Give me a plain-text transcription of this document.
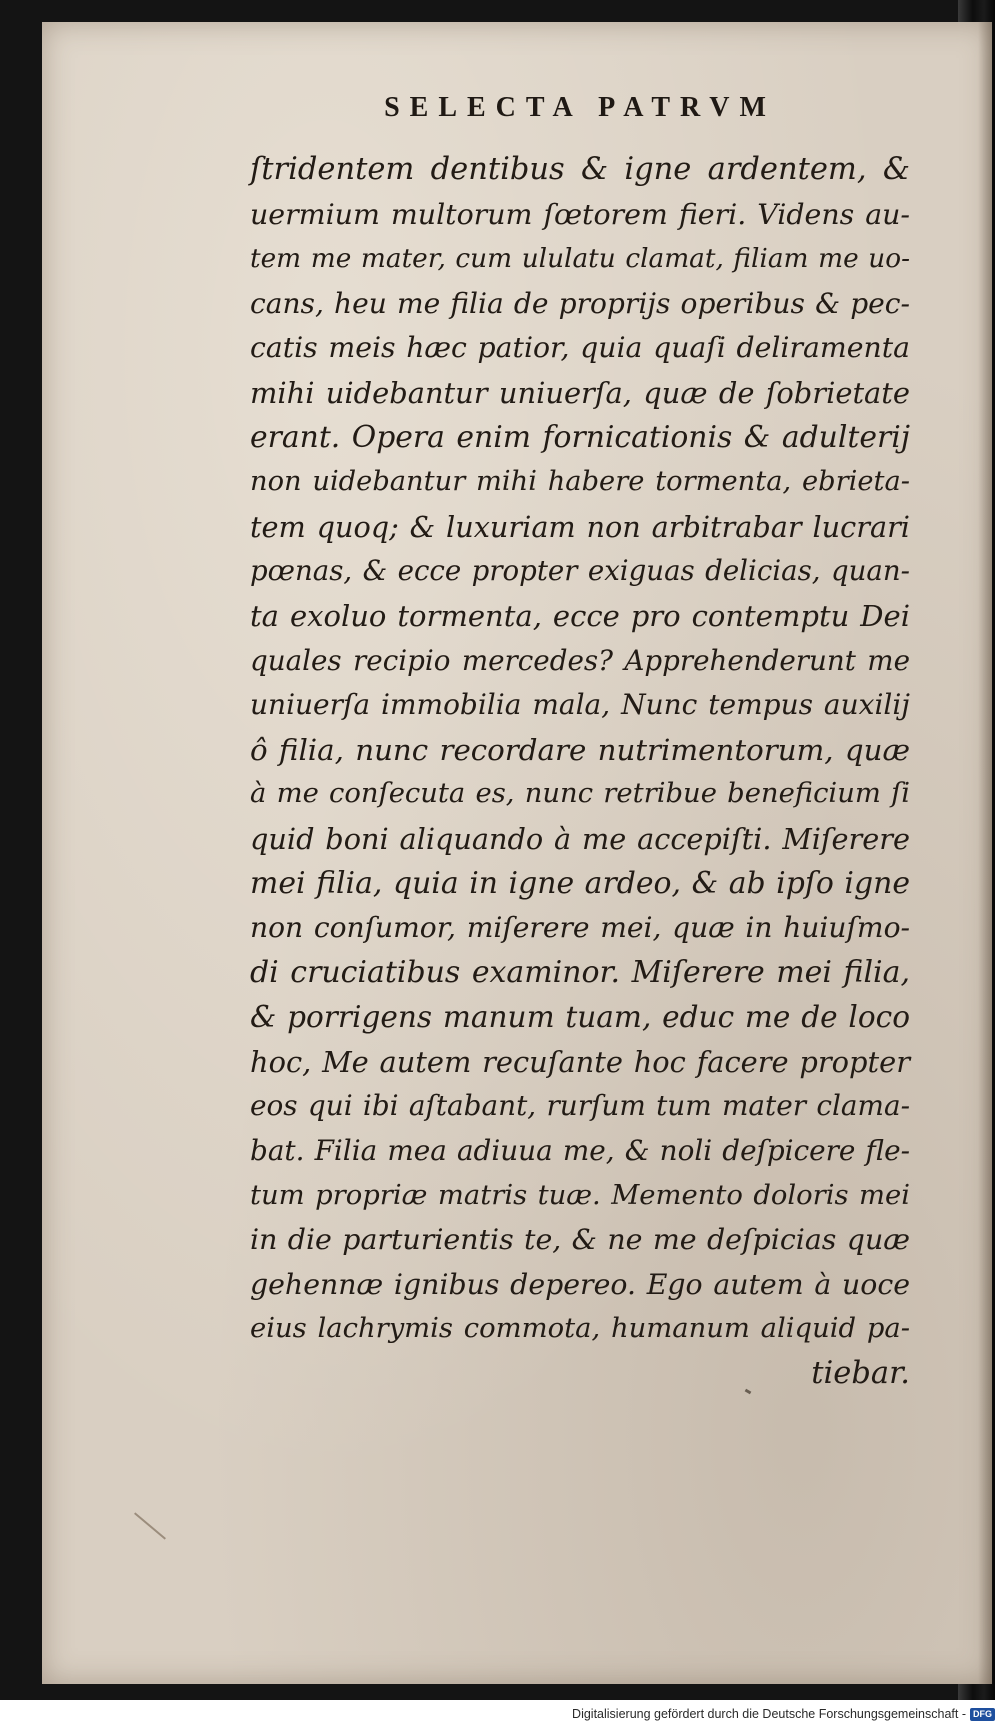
SELECTA PATRVM
ſtridentem dentibus & igne ardentem, &
uermium multorum ſœtorem fieri. Videns au-
tem me mater, cum ululatu clamat, filiam me uo-
cans, heu me filia de proprijs operibus & pec-
catis meis hæc patior, quia quaſi deliramenta
mihi uidebantur uniuerſa, quæ de ſobrietate
erant. Opera enim fornicationis & adulterij
non uidebantur mihi habere tormenta, ebrieta-
tem quoq; & luxuriam non arbitrabar lucrari
pœnas, & ecce propter exiguas delicias, quan-
ta exoluo tormenta, ecce pro contemptu Dei
quales recipio mercedes? Apprehenderunt me
uniuerſa immobilia mala, Nunc tempus auxilij
ô filia, nunc recordare nutrimentorum, quæ
à me conſecuta es, nunc retribue beneficium ſi
quid boni aliquando à me accepiſti. Miſerere
mei filia, quia in igne ardeo, & ab ipſo igne
non conſumor, miſerere mei, quæ in huiuſmo-
di cruciatibus examinor. Miſerere mei filia,
& porrigens manum tuam, educ me de loco
hoc, Me autem recuſante hoc facere propter
eos qui ibi aſtabant, rurſum tum mater clama-
bat. Filia mea adiuua me, & noli deſpicere fle-
tum propriæ matris tuæ. Memento doloris mei
in die parturientis te, & ne me deſpicias quæ
gehennæ ignibus depereo. Ego autem à uoce
eius lachrymis commota, humanum aliquid pa-
tiebar.
Digitalisierung gefördert durch die Deutsche Forschungsgemeinschaft - DFG
